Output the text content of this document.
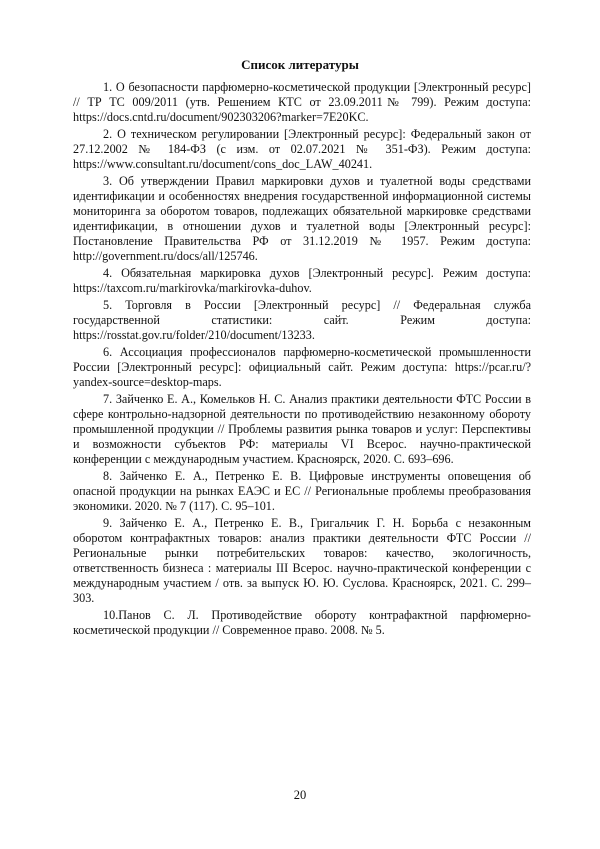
Список литературы

1. О безопасности парфюмерно-косметической продукции [Электронный ресурс] // ТР ТС 009/2011 (утв. Решением КТС от 23.09.2011№ 799). Режим доступа: https://docs.cntd.ru/document/902303206?marker=7E20KC.

2. О техническом регулировании [Электронный ресурс]: Федеральный закон от 27.12.2002 № 184-ФЗ (с изм. от 02.07.2021 № 351-ФЗ). Режим доступа: https://www.consultant.ru/document/cons_doc_LAW_40241.

3. Об утверждении Правил маркировки духов и туалетной воды средствами идентификации и особенностях внедрения государственной информационной системы мониторинга за оборотом товаров, подлежащих обязательной маркировке средствами идентификации, в отношении духов и туалетной воды [Электронный ресурс]: Постановление Правительства РФ от 31.12.2019 № 1957. Режим доступа: http://government.ru/docs/all/125746.

4. Обязательная маркировка духов [Электронный ресурс]. Режим доступа: https://taxcom.ru/markirovka/markirovka-duhov.

5. Торговля в России [Электронный ресурс] // Федеральная служба государственной статистики: сайт. Режим доступа: https://rosstat.gov.ru/folder/210/document/13233.

6. Ассоциация профессионалов парфюмерно-косметической промышленности России [Электронный ресурс]: официальный сайт. Режим доступа: https://pcar.ru/?yandex-source=desktop-maps.

7. Зайченко Е. А., Комельков Н. С. Анализ практики деятельности ФТС России в сфере контрольно-надзорной деятельности по противодействию незаконному обороту промышленной продукции // Проблемы развития рынка товаров и услуг: Перспективы и возможности субъектов РФ: материалы VI Всерос. научно-практической конференции с международным участием. Красноярск, 2020. С. 693–696.

8. Зайченко Е. А., Петренко Е. В. Цифровые инструменты оповещения об опасной продукции на рынках ЕАЭС и ЕС // Региональные проблемы преобразования экономики. 2020. № 7 (117). С. 95–101.

9. Зайченко Е. А., Петренко Е. В., Григальчик Г. Н. Борьба с незаконным оборотом контрафактных товаров: анализ практики деятельности ФТС России // Региональные рынки потребительских товаров: качество, экологичность, ответственность бизнеса : материалы III Всерос. научно-практической конференции с международным участием / отв. за выпуск Ю. Ю. Суслова. Красноярск, 2021. С. 299–303.

10.Панов С. Л. Противодействие обороту контрафактной парфюмерно-косметической продукции // Современное право. 2008. № 5.

20
